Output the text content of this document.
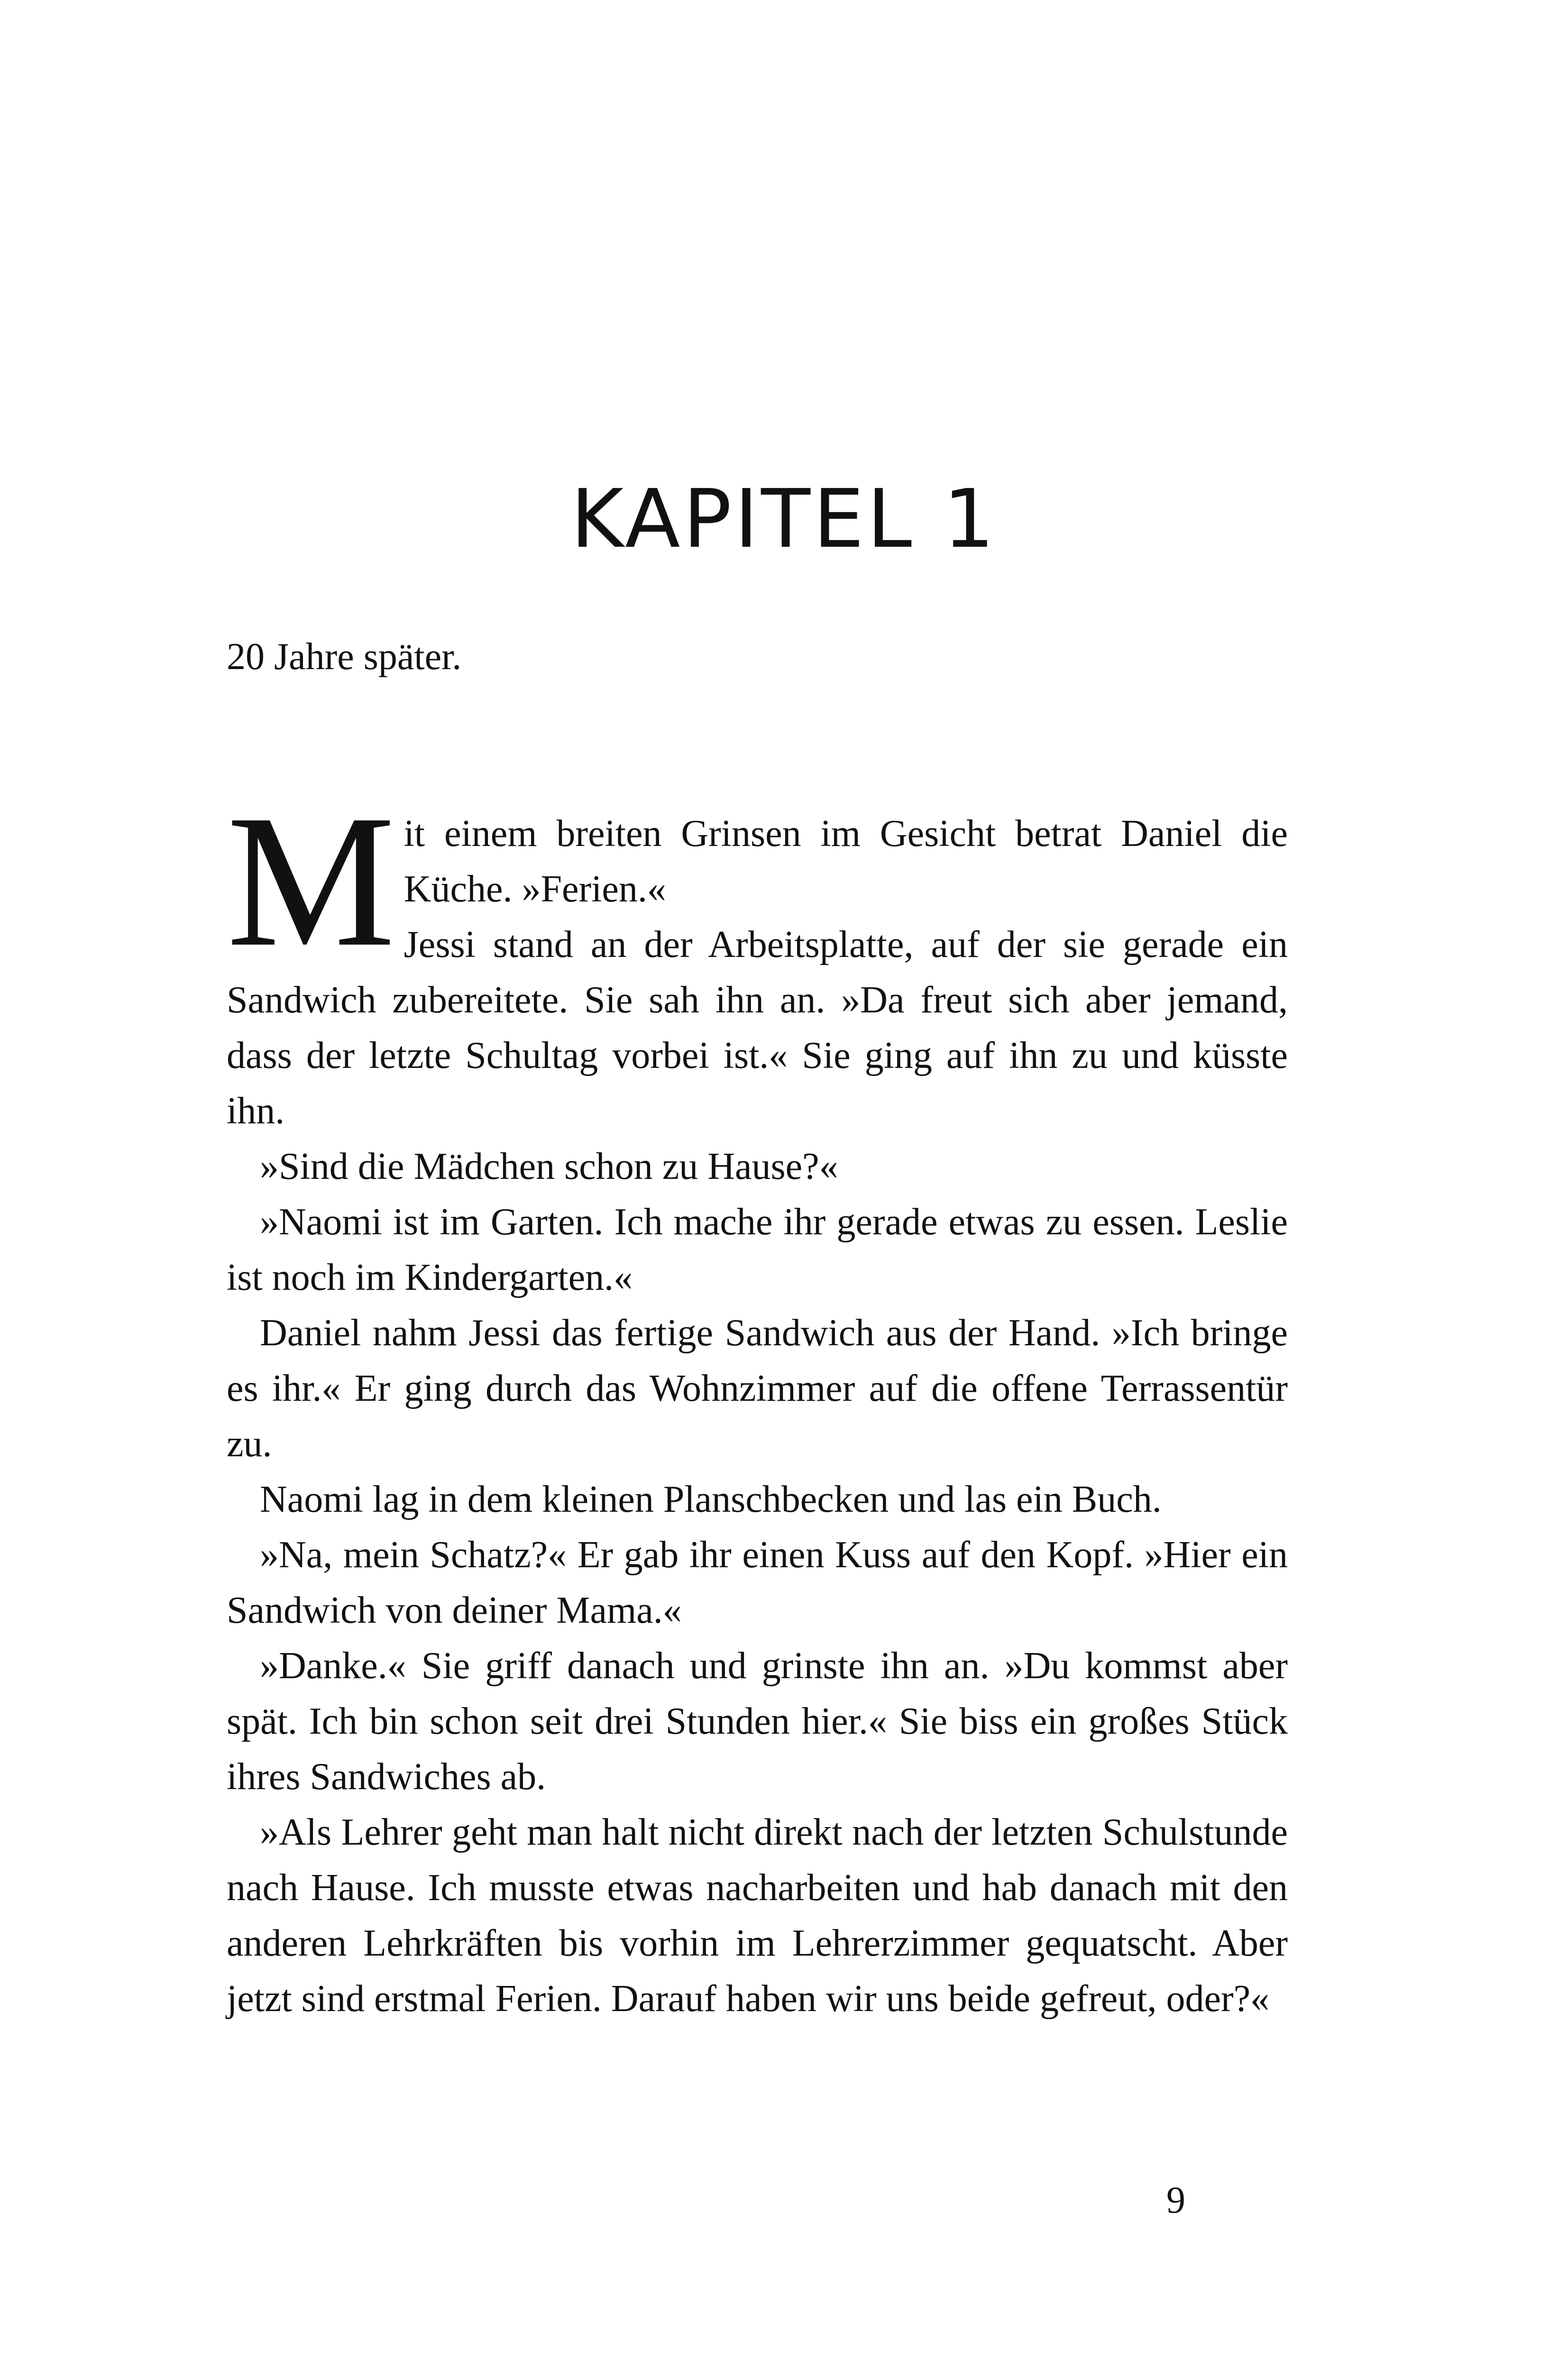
KAPITEL 1

20 Jahre später.

M it einem breiten Grinsen im Gesicht betrat Daniel die Küche. »Ferien.«

Jessi stand an der Arbeitsplatte, auf der sie gerade ein Sandwich zubereitete. Sie sah ihn an. »Da freut sich aber jemand, dass der letzte Schultag vorbei ist.« Sie ging auf ihn zu und küsste ihn.

»Sind die Mädchen schon zu Hause?«

»Naomi ist im Garten. Ich mache ihr gerade etwas zu essen. Leslie ist noch im Kindergarten.«

Daniel nahm Jessi das fertige Sandwich aus der Hand. »Ich bringe es ihr.« Er ging durch das Wohnzimmer auf die offene Terrassentür zu.

Naomi lag in dem kleinen Planschbecken und las ein Buch.

»Na, mein Schatz?« Er gab ihr einen Kuss auf den Kopf. »Hier ein Sandwich von deiner Mama.«

»Danke.« Sie griff danach und grinste ihn an. »Du kommst aber spät. Ich bin schon seit drei Stunden hier.« Sie biss ein großes Stück ihres Sandwiches ab.

»Als Lehrer geht man halt nicht direkt nach der letzten Schulstunde nach Hause. Ich musste etwas nacharbeiten und hab danach mit den anderen Lehrkräften bis vorhin im Lehrerzimmer gequatscht. Aber jetzt sind erstmal Ferien. Darauf haben wir uns beide gefreut, oder?«

9
